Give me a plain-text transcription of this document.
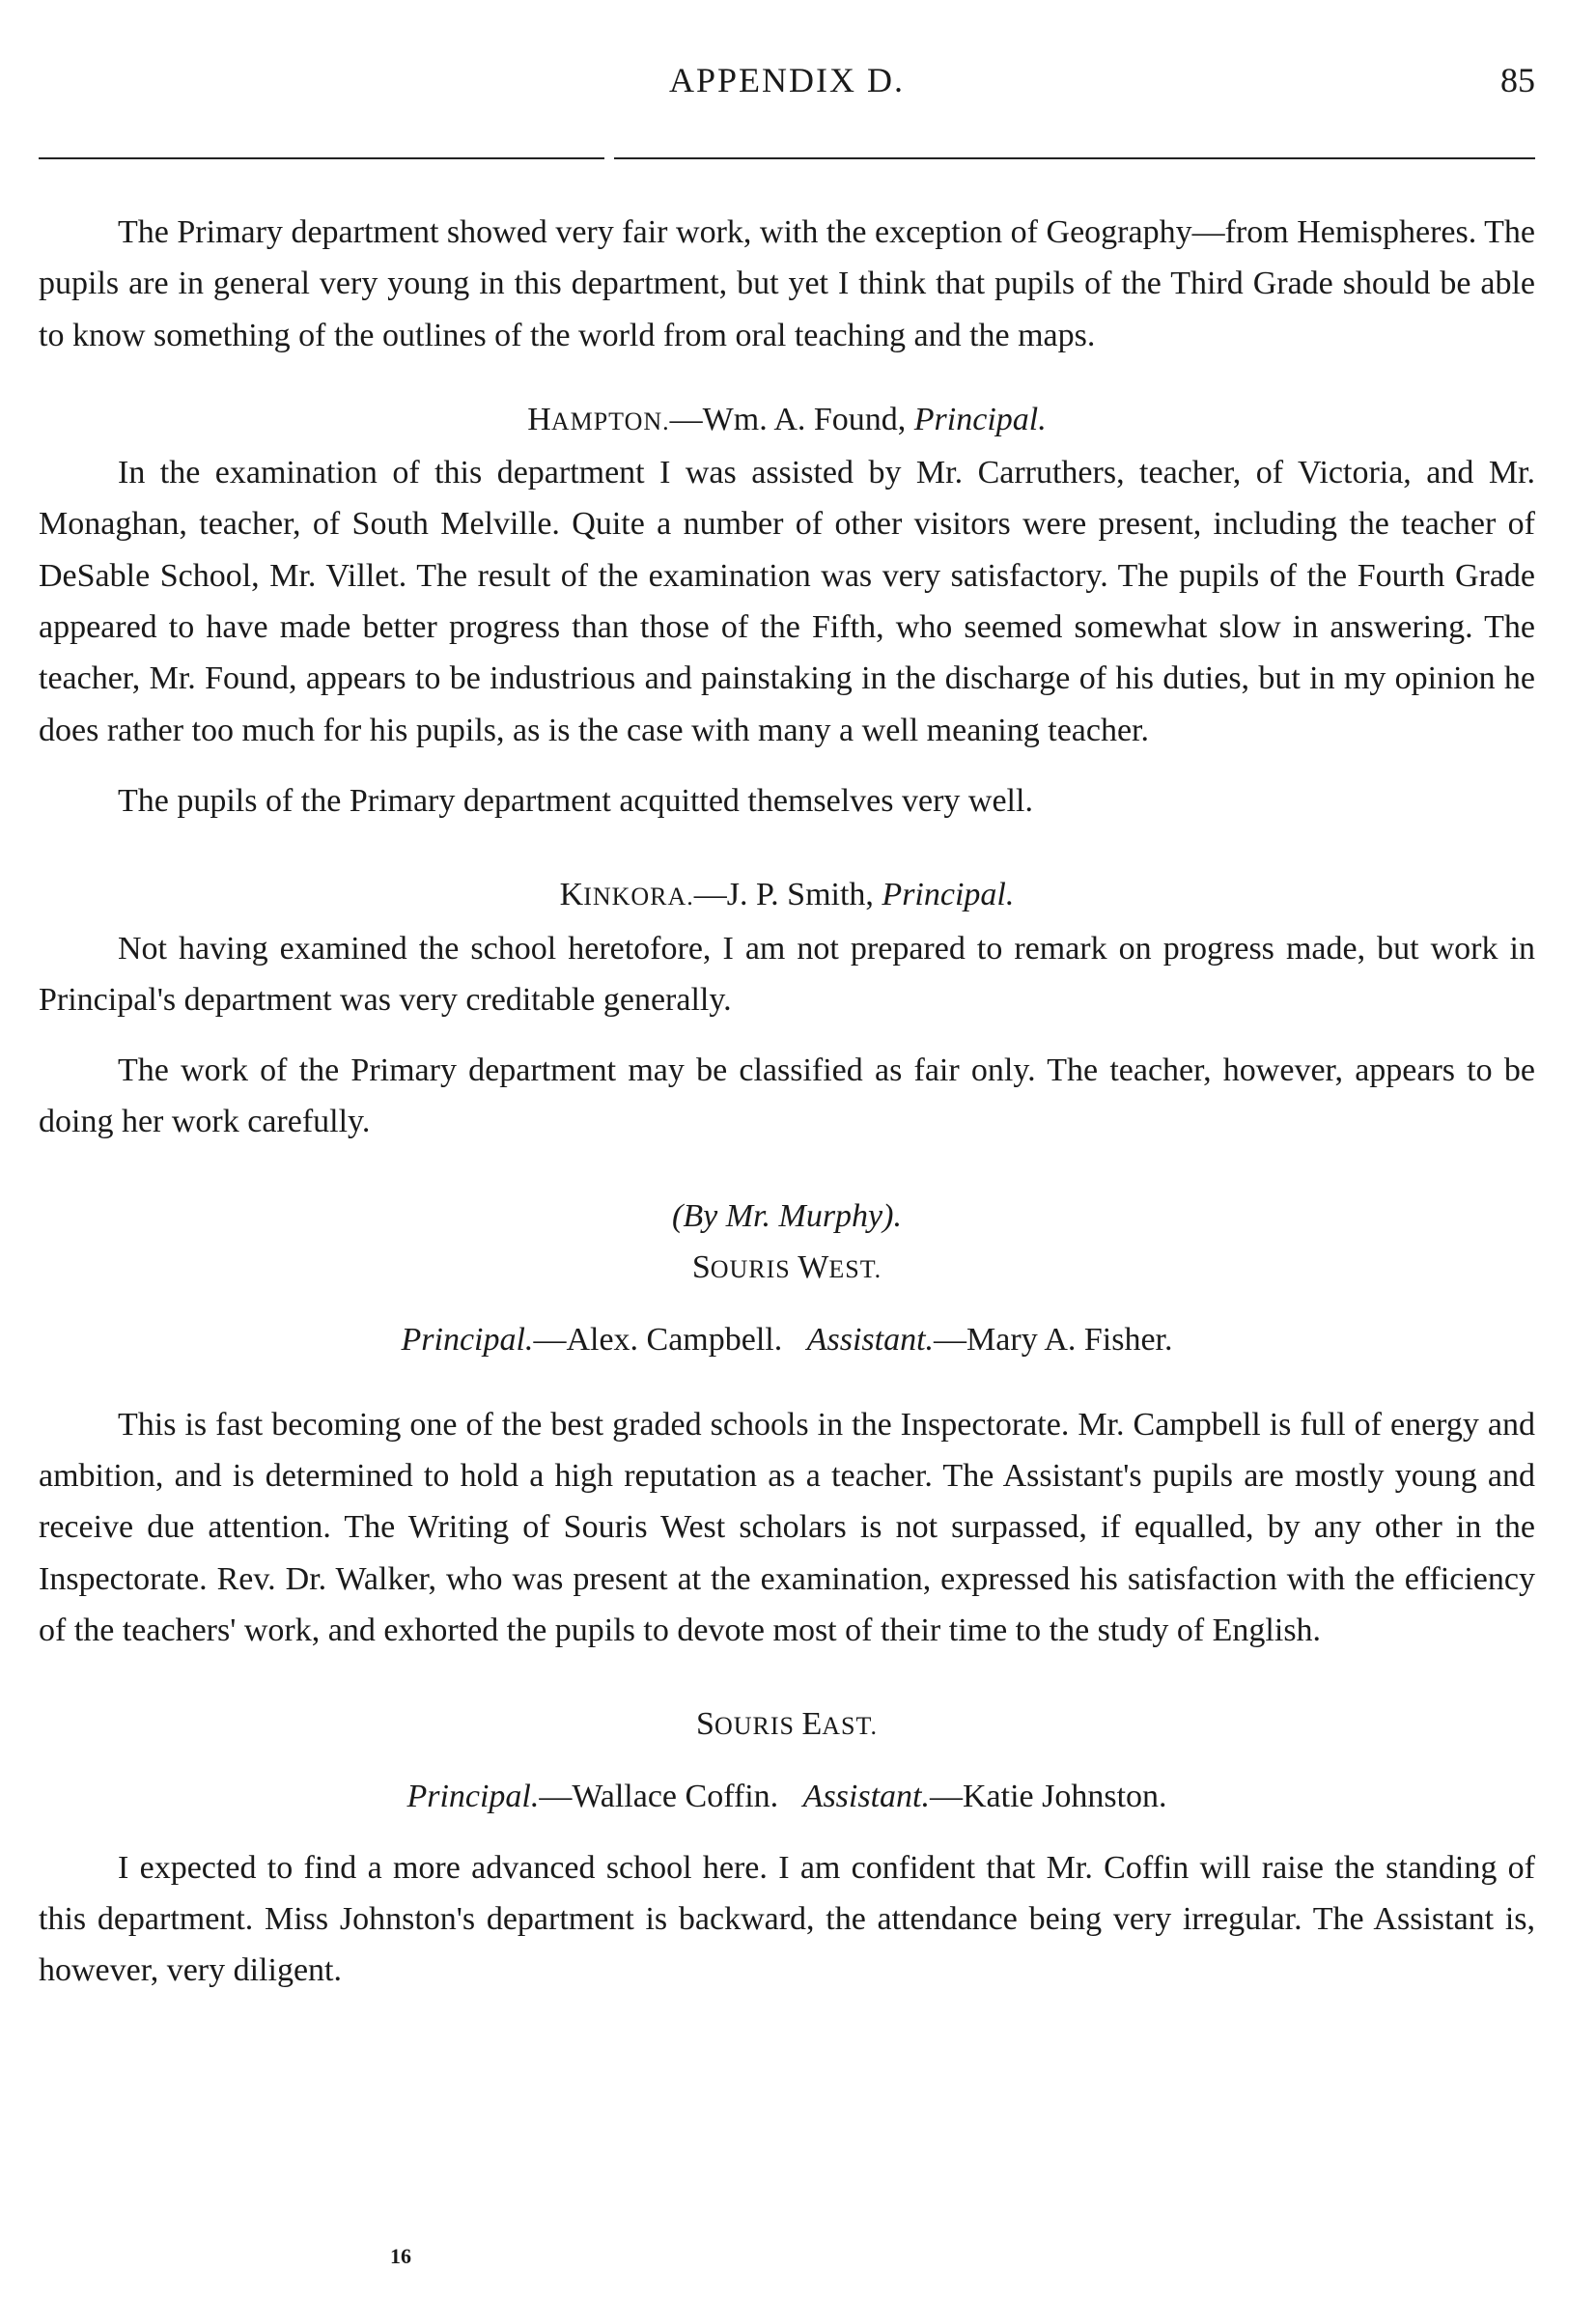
APPENDIX D.	85

The Primary department showed very fair work, with the exception of Geography—from Hemispheres. The pupils are in general very young in this department, but yet I think that pupils of the Third Grade should be able to know something of the outlines of the world from oral teaching and the maps.

HAMPTON.—Wm. A. Found, Principal.

In the examination of this department I was assisted by Mr. Carruthers, teacher, of Victoria, and Mr. Monaghan, teacher, of South Melville. Quite a number of other visitors were present, including the teacher of DeSable School, Mr. Villet. The result of the examination was very satisfactory. The pupils of the Fourth Grade appeared to have made better progress than those of the Fifth, who seemed somewhat slow in answering. The teacher, Mr. Found, appears to be industrious and painstaking in the discharge of his duties, but in my opinion he does rather too much for his pupils, as is the case with many a well meaning teacher.

The pupils of the Primary department acquitted themselves very well.

KINKORA.—J. P. Smith, Principal.

Not having examined the school heretofore, I am not prepared to remark on progress made, but work in Principal's department was very creditable generally.

The work of the Primary department may be classified as fair only. The teacher, however, appears to be doing her work carefully.

(By Mr. Murphy).

SOURIS WEST.

Principal.—Alex. Campbell. Assistant.—Mary A. Fisher.

This is fast becoming one of the best graded schools in the Inspectorate. Mr. Campbell is full of energy and ambition, and is determined to hold a high reputation as a teacher. The Assistant's pupils are mostly young and receive due attention. The Writing of Souris West scholars is not surpassed, if equalled, by any other in the Inspectorate. Rev. Dr. Walker, who was present at the examination, expressed his satisfaction with the efficiency of the teachers' work, and exhorted the pupils to devote most of their time to the study of English.

SOURIS EAST.

Principal.—Wallace Coffin. Assistant.—Katie Johnston.

I expected to find a more advanced school here. I am confident that Mr. Coffin will raise the standing of this department. Miss Johnston's department is backward, the attendance being very irregular. The Assistant is, however, very diligent.

16
